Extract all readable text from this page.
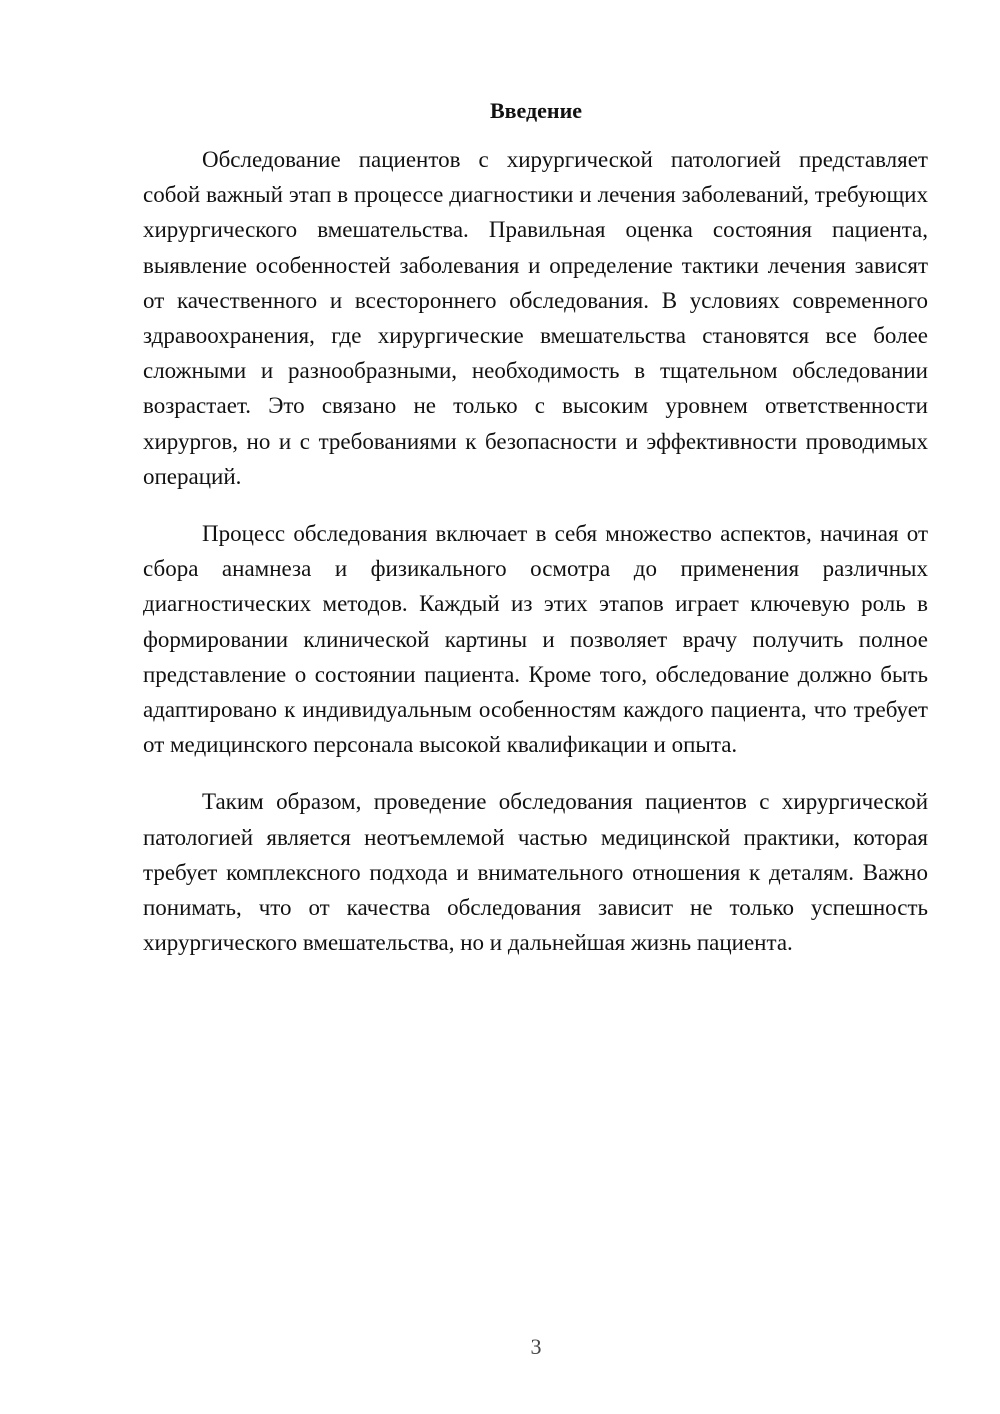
Введение

Обследование пациентов с хирургической патологией представляет собой важный этап в процессе диагностики и лечения заболеваний, требующих хирургического вмешательства. Правильная оценка состояния пациента, выявление особенностей заболевания и определение тактики лечения зависят от качественного и всестороннего обследования. В условиях современного здравоохранения, где хирургические вмешательства становятся все более сложными и разнообразными, необходимость в тщательном обследовании возрастает. Это связано не только с высоким уровнем ответственности хирургов, но и с требованиями к безопасности и эффективности проводимых операций.

Процесс обследования включает в себя множество аспектов, начиная от сбора анамнеза и физикального осмотра до применения различных диагностических методов. Каждый из этих этапов играет ключевую роль в формировании клинической картины и позволяет врачу получить полное представление о состоянии пациента. Кроме того, обследование должно быть адаптировано к индивидуальным особенностям каждого пациента, что требует от медицинского персонала высокой квалификации и опыта.

Таким образом, проведение обследования пациентов с хирургической патологией является неотъемлемой частью медицинской практики, которая требует комплексного подхода и внимательного отношения к деталям. Важно понимать, что от качества обследования зависит не только успешность хирургического вмешательства, но и дальнейшая жизнь пациента.

3
